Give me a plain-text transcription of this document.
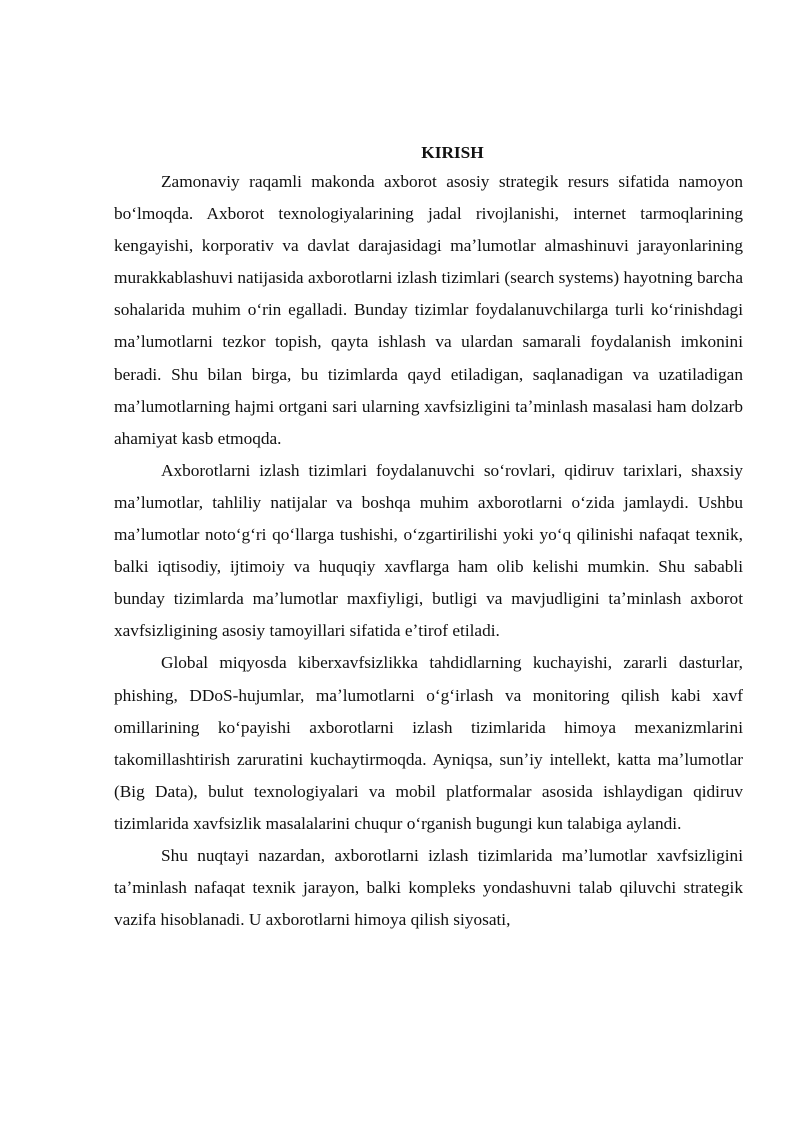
KIRISH

Zamonaviy raqamli makonda axborot asosiy strategik resurs sifatida namoyon boʻlmoqda. Axborot texnologiyalarining jadal rivojlanishi, internet tarmoqlarining kengayishi, korporativ va davlat darajasidagi maʼlumotlar almashinuvi jarayonlarining murakkablashuvi natijasida axborotlarni izlash tizimlari (search systems) hayotning barcha sohalarida muhim oʻrin egalladi. Bunday tizimlar foydalanuvchilarga turli koʻrinishdagi maʼlumotlarni tezkor topish, qayta ishlash va ulardan samarali foydalanish imkonini beradi. Shu bilan birga, bu tizimlarda qayd etiladigan, saqlanadigan va uzatiladigan maʼlumotlarning hajmi ortgani sari ularning xavfsizligini taʼminlash masalasi ham dolzarb ahamiyat kasb etmoqda.

Axborotlarni izlash tizimlari foydalanuvchi soʻrovlari, qidiruv tarixlari, shaxsiy maʼlumotlar, tahliliy natijalar va boshqa muhim axborotlarni oʻzida jamlaydi. Ushbu maʼlumotlar notoʻgʻri qoʻllarga tushishi, oʻzgartirilishi yoki yoʻq qilinishi nafaqat texnik, balki iqtisodiy, ijtimoiy va huquqiy xavflarga ham olib kelishi mumkin. Shu sababli bunday tizimlarda maʼlumotlar maxfiyligi, butligi va mavjudligini taʼminlash axborot xavfsizligining asosiy tamoyillari sifatida eʼtirof etiladi.

Global miqyosda kiberxavfsizlikka tahdidlarning kuchayishi, zararli dasturlar, phishing, DDoS-hujumlar, maʼlumotlarni oʻgʻirlash va monitoring qilish kabi xavf omillarining koʻpayishi axborotlarni izlash tizimlarida himoya mexanizmlarini takomillashtirish zaruratini kuchaytirmoqda. Ayniqsa, sunʼiy intellekt, katta maʼlumotlar (Big Data), bulut texnologiyalari va mobil platformalar asosida ishlaydigan qidiruv tizimlarida xavfsizlik masalalarini chuqur oʻrganish bugungi kun talabiga aylandi.

Shu nuqtayi nazardan, axborotlarni izlash tizimlarida maʼlumotlar xavfsizligini taʼminlash nafaqat texnik jarayon, balki kompleks yondashuvni talab qiluvchi strategik vazifa hisoblanadi. U axborotlarni himoya qilish siyosati,
